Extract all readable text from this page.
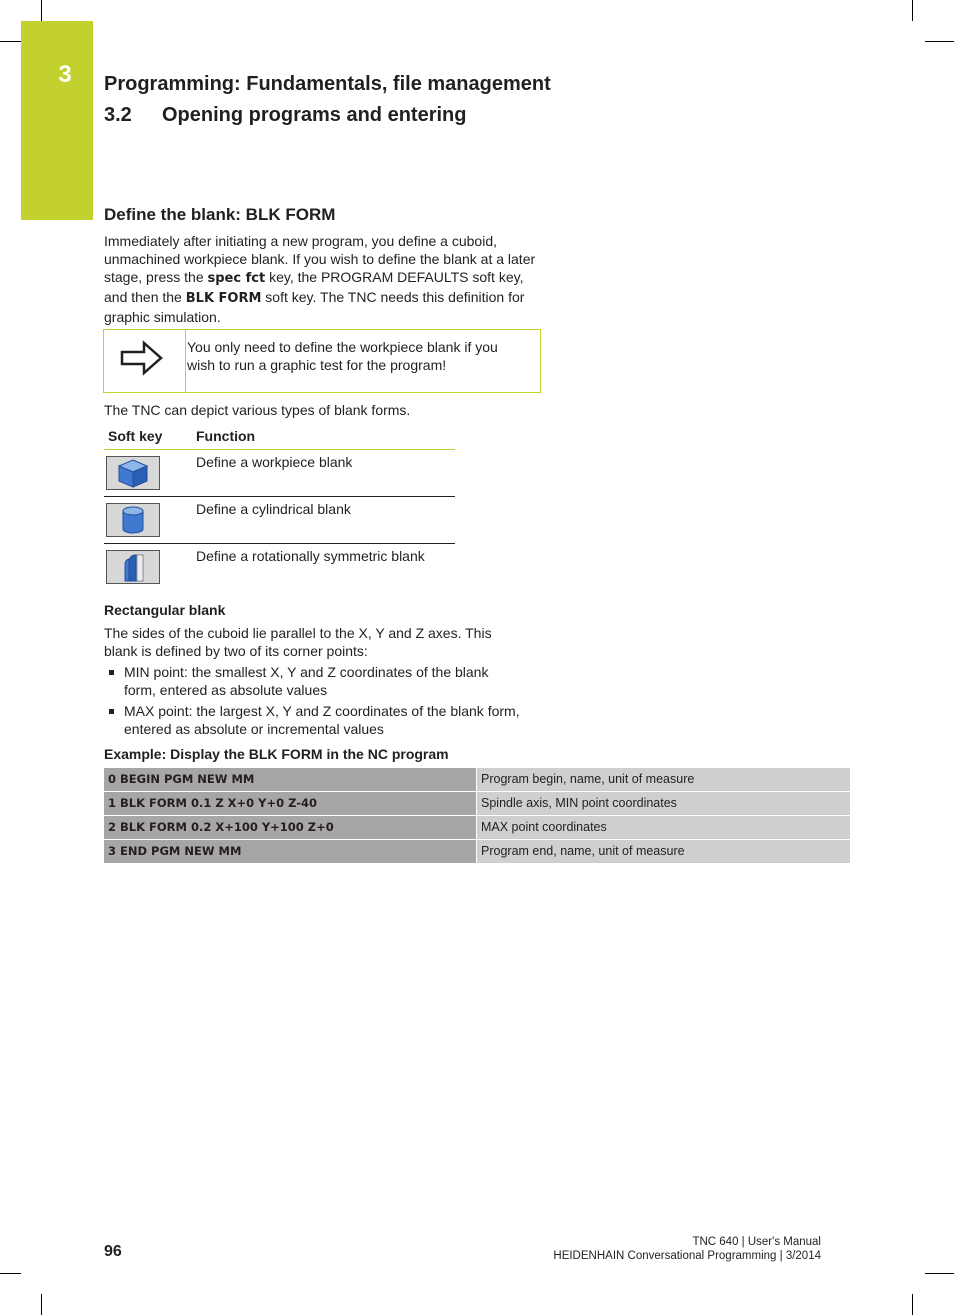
3	Programming: Fundamentals, file management
3.2 Opening programs and entering
Define the blank: BLK FORM
Immediately after initiating a new program, you define a cuboid, unmachined workpiece blank. If you wish to define the blank at a later stage, press the spec fct key, the PROGRAM DEFAULTS soft key, and then the BLK FORM soft key. The TNC needs this definition for graphic simulation.
You only need to define the workpiece blank if you wish to run a graphic test for the program!
The TNC can depict various types of blank forms.
Soft key Function
Define a workpiece blank
Define a cylindrical blank
Define a rotationally symmetric blank
Rectangular blank
The sides of the cuboid lie parallel to the X, Y and Z axes. This blank is defined by two of its corner points:
MIN point: the smallest X, Y and Z coordinates of the blank form, entered as absolute values
MAX point: the largest X, Y and Z coordinates of the blank form, entered as absolute or incremental values
Example: Display the BLK FORM in the NC program
0 BEGIN PGM NEW MM	Program begin, name, unit of measure
1 BLK FORM 0.1 Z X+0 Y+0 Z-40	Spindle axis, MIN point coordinates
2 BLK FORM 0.2 X+100 Y+100 Z+0	MAX point coordinates
3 END PGM NEW MM	Program end, name, unit of measure
96
TNC 640 | User's Manual
HEIDENHAIN Conversational Programming | 3/2014
